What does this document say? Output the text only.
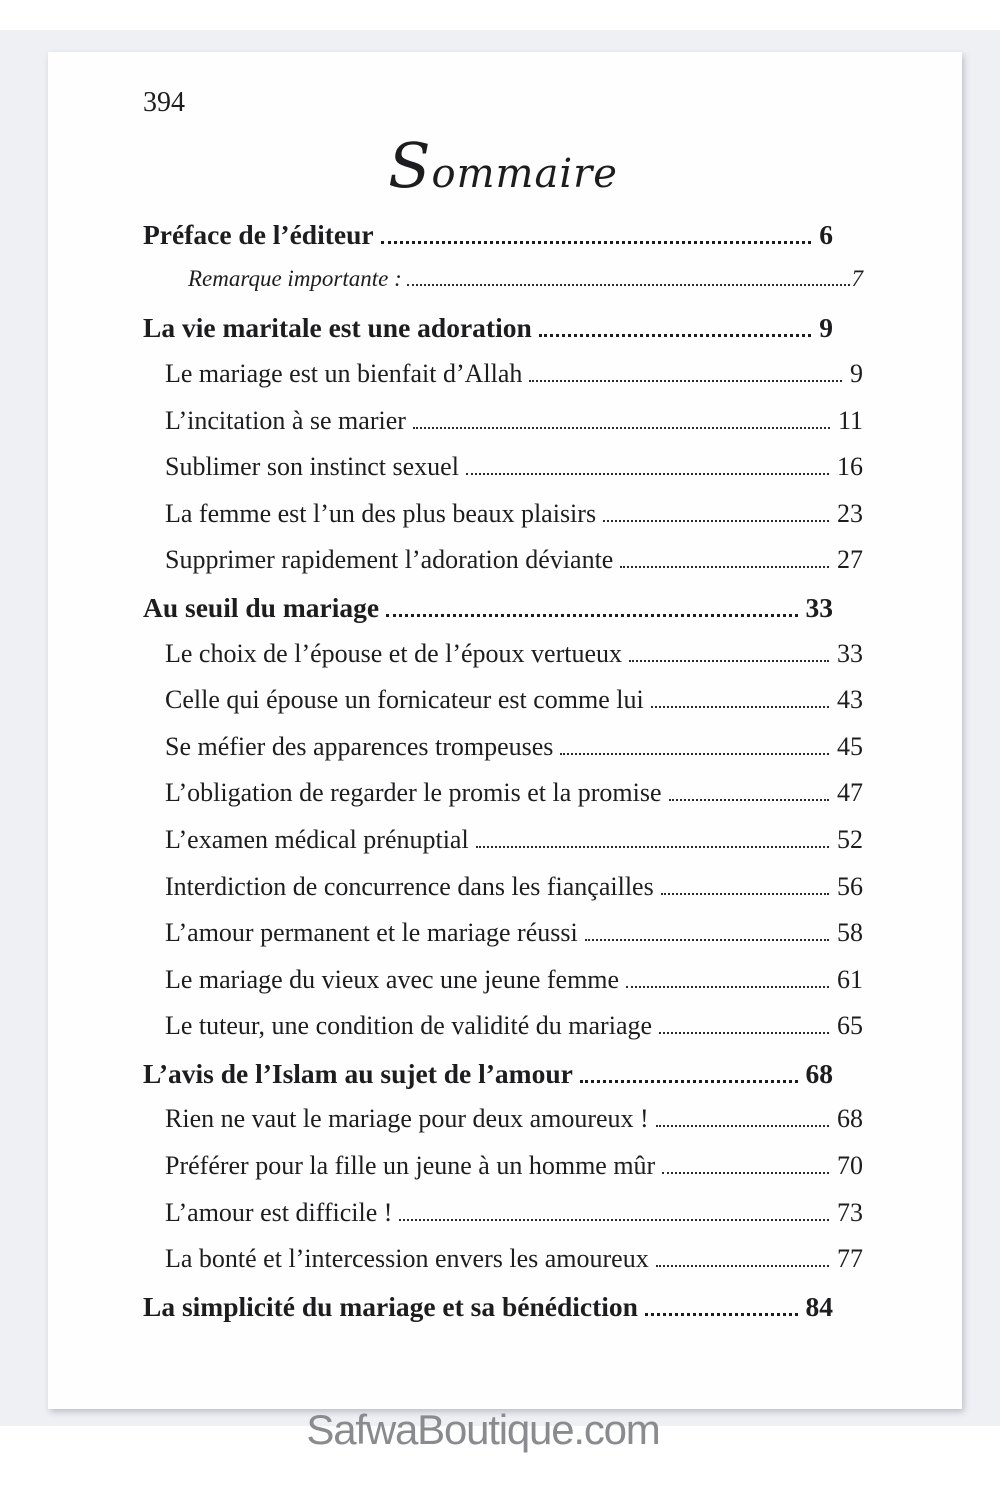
394
Sommaire
Préface de l’éditeur	6
Remarque importante :	7
La vie maritale est une adoration	9
Le mariage est un bienfait d’Allah	9
L’incitation à se marier	11
Sublimer son instinct sexuel	16
La femme est l’un des plus beaux plaisirs	23
Supprimer rapidement l’adoration déviante	27
Au seuil du mariage	33
Le choix de l’épouse et de l’époux vertueux	33
Celle qui épouse un fornicateur est comme lui	43
Se méfier des apparences trompeuses	45
L’obligation de regarder le promis et la promise	47
L’examen médical prénuptial	52
Interdiction de concurrence dans les fiançailles	56
L’amour permanent et le mariage réussi	58
Le mariage du vieux avec une jeune femme	61
Le tuteur, une condition de validité du mariage	65
L’avis de l’Islam au sujet de l’amour	68
Rien ne vaut le mariage pour deux amoureux !	68
Préférer pour la fille un jeune à un homme mûr	70
L’amour est difficile !	73
La bonté et l’intercession envers les amoureux	77
La simplicité du mariage et sa bénédiction	84
SafwaBoutique.com
